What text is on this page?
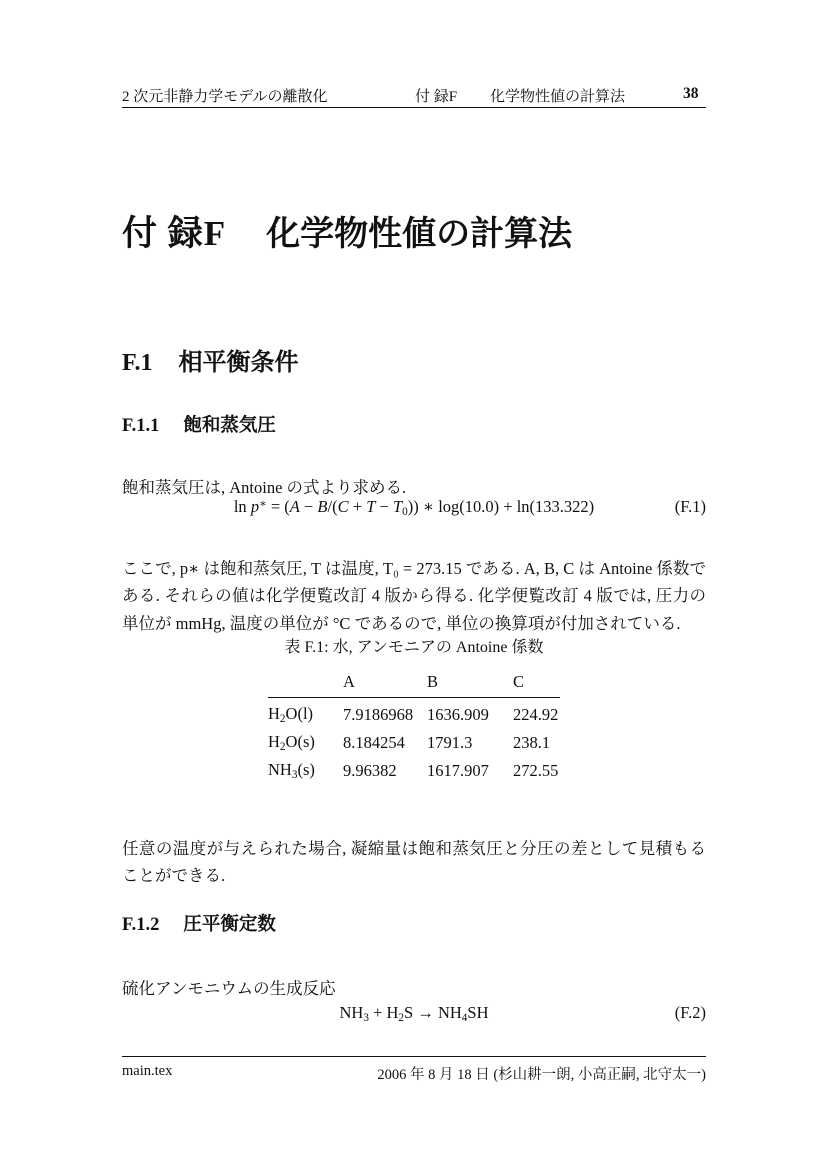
2 次元非静力学モデルの離散化	付 録F 化学物性値の計算法	38
付 録F 化学物性値の計算法
F.1 相平衡条件
F.1.1 飽和蒸気圧

飽和蒸気圧は, Antoine の式より求める.

ln p∗ = (A − B/(C + T − T0)) ∗ log(10.0) + ln(133.322)	(F.1)

ここで, p∗ は飽和蒸気圧, T は温度, T₀ = 273.15 である. A, B, C は Antoine 係数である. それらの値は化学便覧改訂 4 版から得る. 化学便覧改訂 4 版では, 圧力の単位が mmHg, 温度の単位が °C であるので, 単位の換算項が付加されている.

表 F.1: 水, アンモニアの Antoine 係数
	A	B	C
H2O(l)	7.9186968	1636.909	224.92
H2O(s)	8.184254	1791.3	238.1
NH3(s)	9.96382	1617.907	272.55

任意の温度が与えられた場合, 凝縮量は飽和蒸気圧と分圧の差として見積もることができる.

F.1.2 圧平衡定数

硫化アンモニウムの生成反応

NH3 + H2S → NH4SH	(F.2)
main.tex	2006 年 8 月 18 日 (杉山耕一朗, 小高正嗣, 北守太一)
